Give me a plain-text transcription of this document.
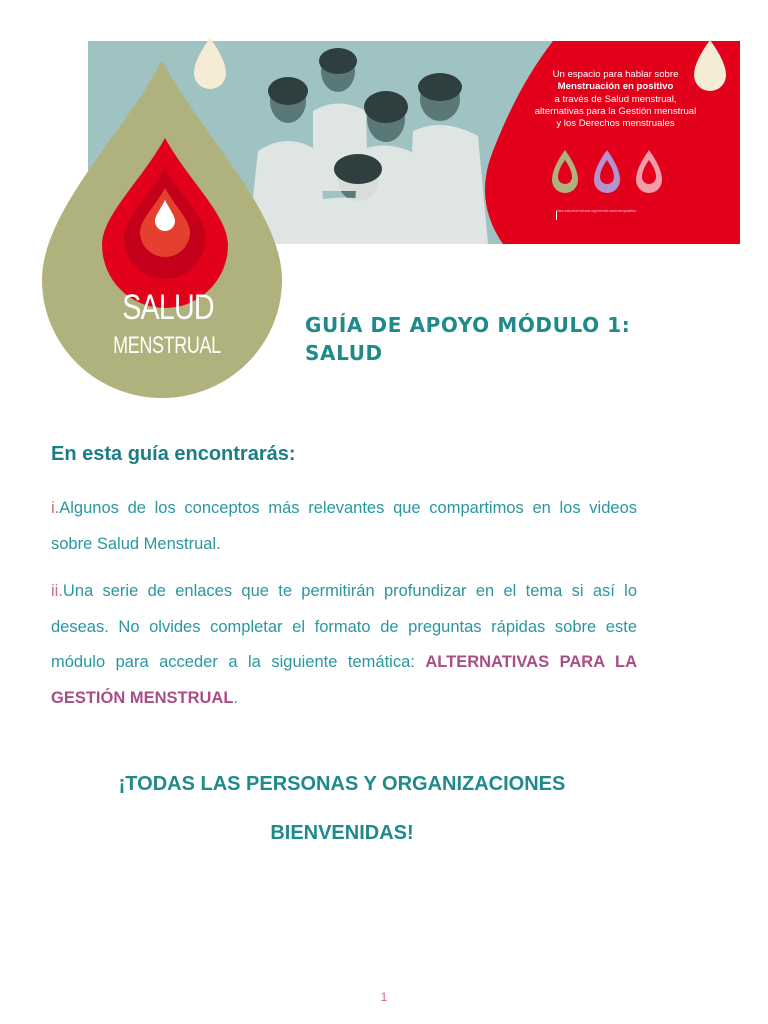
Un espacio para hablar sobre
Menstruación en positivo
a través de Salud menstrual,
alternativas para la Gestión menstrual
y los Derechos menstruales
www.saludmenstrual.org/menstruacionenpositivo
SALUD
MENSTRUAL
GUÍA DE APOYO MÓDULO 1:
SALUD
En esta guía encontrarás:
i.Algunos de los conceptos más relevantes que compartimos en los videos sobre Salud Menstrual.
ii.Una serie de enlaces que te permitirán profundizar en el tema si así lo deseas. No olvides completar el formato de preguntas rápidas sobre este módulo para acceder a la siguiente temática: ALTERNATIVAS PARA LA GESTIÓN MENSTRUAL.
¡TODAS LAS PERSONAS Y ORGANIZACIONES
BIENVENIDAS!
1
